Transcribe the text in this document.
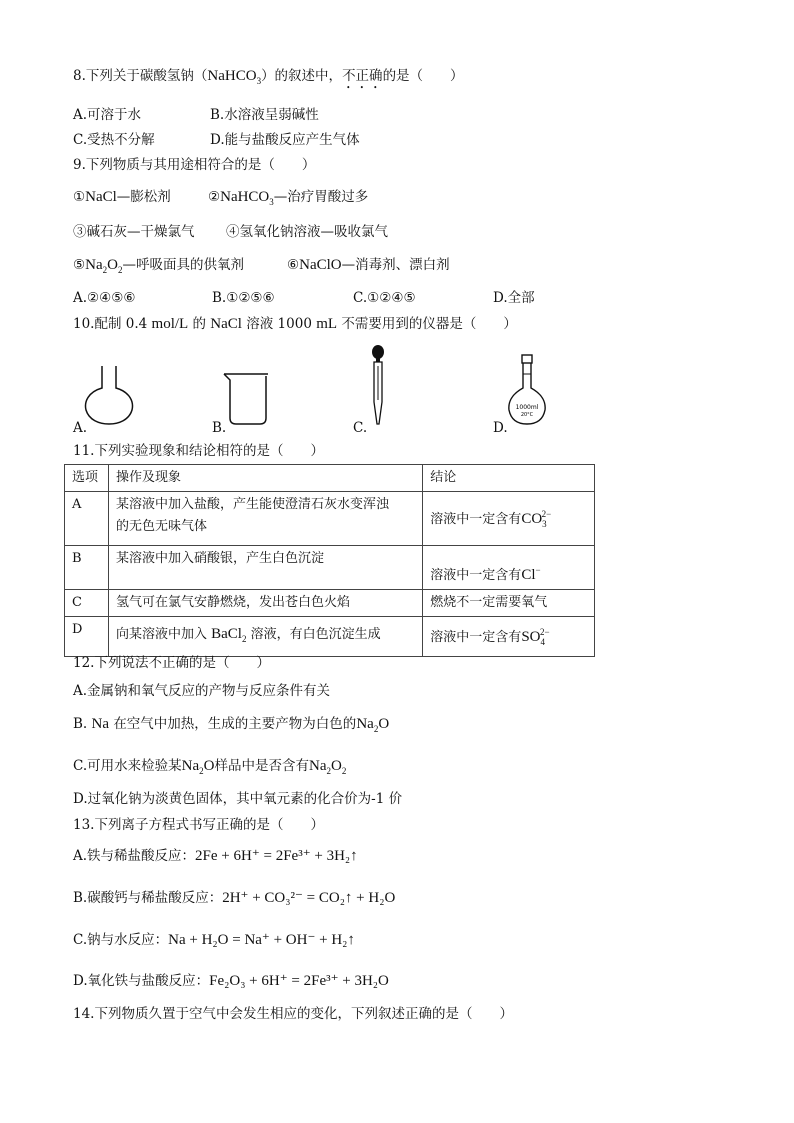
8.下列关于碳酸氢钠（NaHCO$_3$）的叙述中，不正确的是（　　）
A.可溶于水	B.水溶液呈弱碱性
C.受热不分解	D.能与盐酸反应产生气体
9.下列物质与其用途相符合的是（　　）
①NaCl—膨松剂	②NaHCO$_3$—治疗胃酸过多
③碱石灰—干燥氯气 ④氢氧化钠溶液—吸收氯气
$⑤Na_2O_2—$呼吸面具的供氧剂	⑥NaClO—消毒剂、漂白剂
A.②④⑤⑥	B.①②⑤⑥	C.①②④⑤	D.全部
10.配制 0.4 mol/L 的 NaCl 溶液 1000 mL 不需要用到的仪器是（　　）
A.	B.	C.
1000ml
20°C
D.
11.下列实验现象和结论相符的是（　　）
选项	操作及现象	结论
A	某溶液中加入盐酸，产生能使澄清石灰水变浑浊
的无色无味气体	溶液中一定含有$CO_3^{2-}$
B	某溶液中加入硝酸银，产生白色沉淀	溶液中一定含有Cl−
C	氢气可在氯气安静燃烧，发出苍白色火焰	燃烧不一定需要氧气
D	向某溶液中加入 BaCl$_2$ 溶液，有白色沉淀生成	溶液中一定含有$SO_4^{2-}$
12.下列说法不正确的是（　　）
A.金属钠和氧气反应的产物与反应条件有关
B. Na 在空气中加热，生成的主要产物为白色的$Na_2O$
C.可用水来检验某$Na_2O$样品中是否含有$Na_2O_2$
D.过氧化钠为淡黄色固体，其中氧元素的化合价为-1 价
13.下列离子方程式书写正确的是（　　）
A.铁与稀盐酸反应：2Fe + 6H⁺ = 2Fe³⁺ + 3H₂↑
B.碳酸钙与稀盐酸反应：2H⁺ + CO₃²⁻ = CO₂↑ + H₂O
C.钠与水反应：Na + H₂O = Na⁺ + OH⁻ + H₂↑
D.氧化铁与盐酸反应：Fe₂O₃ + 6H⁺ = 2Fe³⁺ + 3H₂O
14.下列物质久置于空气中会发生相应的变化，下列叙述正确的是（　　）
